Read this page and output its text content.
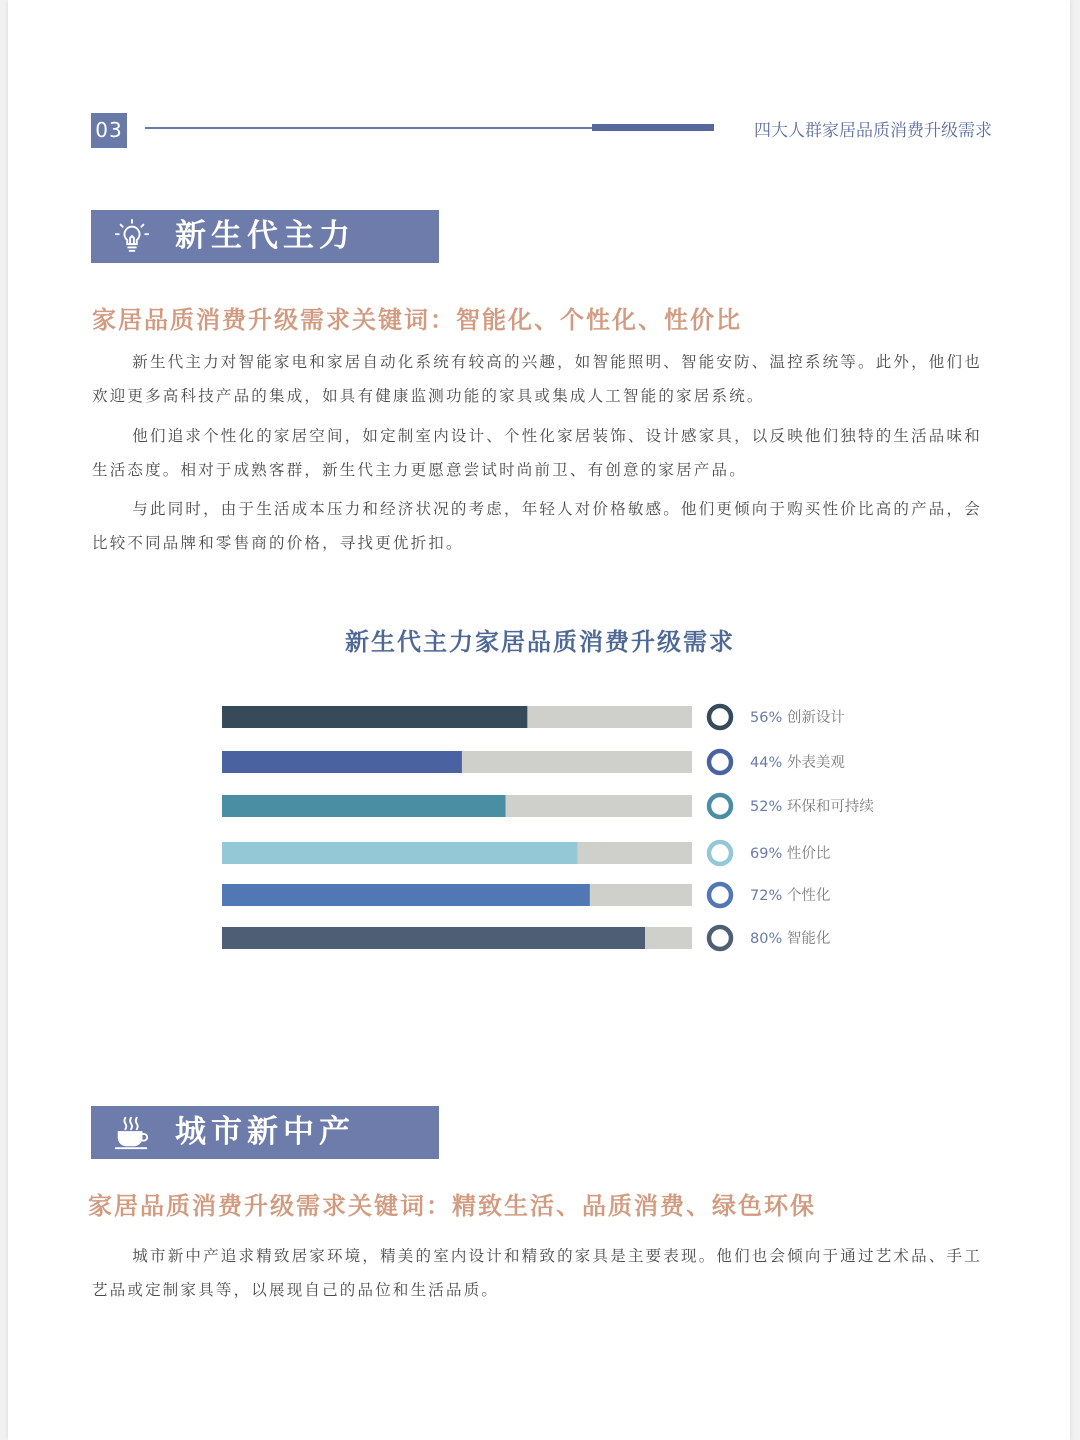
03	四大人群家居品质消费升级需求
新生代主力
家居品质消费升级需求关键词：智能化、个性化、性价比

新生代主力对智能家电和家居自动化系统有较高的兴趣，如智能照明、智能安防、温控系统等。此外，他们也欢迎更多高科技产品的集成，如具有健康监测功能的家具或集成人工智能的家居系统。

他们追求个性化的家居空间，如定制室内设计、个性化家居装饰、设计感家具，以反映他们独特的生活品味和生活态度。相对于成熟客群，新生代主力更愿意尝试时尚前卫、有创意的家居产品。

与此同时，由于生活成本压力和经济状况的考虑，年轻人对价格敏感。他们更倾向于购买性价比高的产品，会比较不同品牌和零售商的价格，寻找更优折扣。

新生代主力家居品质消费升级需求
56% 创新设计
44% 外表美观
52% 环保和可持续
69% 性价比
72% 个性化
80% 智能化
城市新中产
家居品质消费升级需求关键词：精致生活、品质消费、绿色环保

城市新中产追求精致居家环境，精美的室内设计和精致的家具是主要表现。他们也会倾向于通过艺术品、手工艺品或定制家具等，以展现自己的品位和生活品质。
